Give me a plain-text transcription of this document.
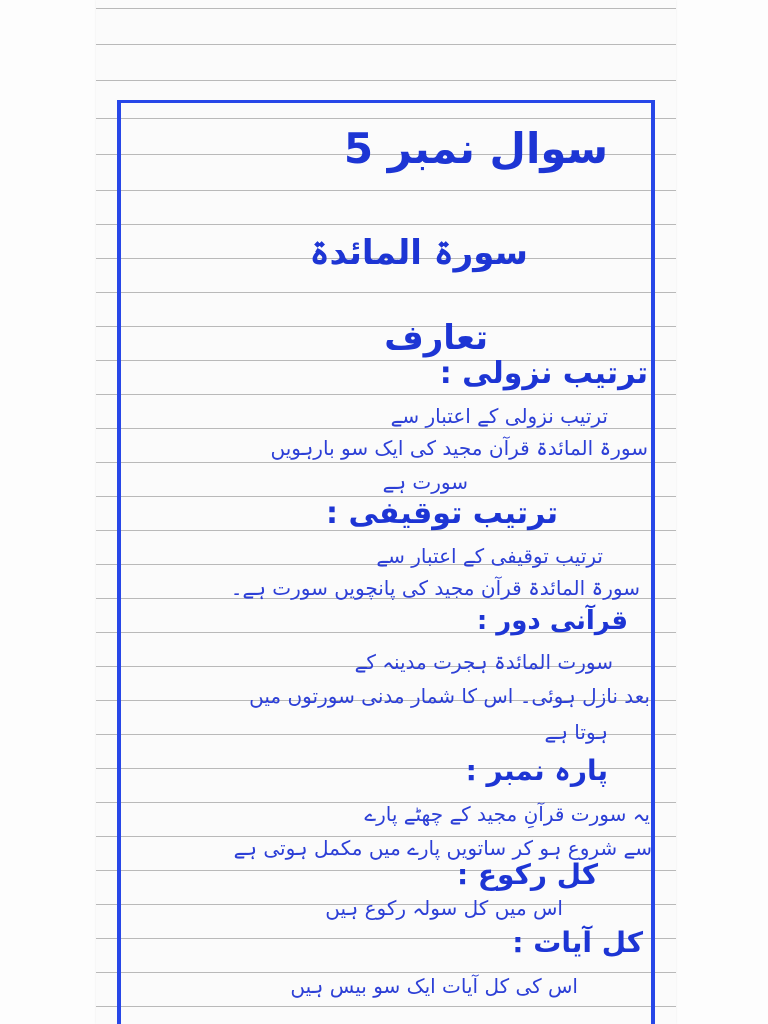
سوال نمبر 5
سورۃ المائدۃ
تعارف
ترتیب نزولی :
ترتیب نزولی کے اعتبار سے
سورۃ المائدۃ قرآن مجید کی ایک سو بارہویں
سورت ہے
ترتیب توقیفی :
ترتیب توقیفی کے اعتبار سے
سورۃ المائدۃ قرآن مجید کی پانچویں سورت ہے۔
قرآنی دور :
سورت المائدۃ ہجرت مدینہ کے
بعد نازل ہوئی۔ اس کا شمار مدنی سورتوں میں
ہوتا ہے
پارہ نمبر :
یہ سورت قرآنِ مجید کے چھٹے پارے
سے شروع ہو کر ساتویں پارے میں مکمل ہوتی ہے
کل رکوع :
اس میں کل سولہ رکوع ہیں
کل آیات :
اس کی کل آیات ایک سو بیس ہیں
